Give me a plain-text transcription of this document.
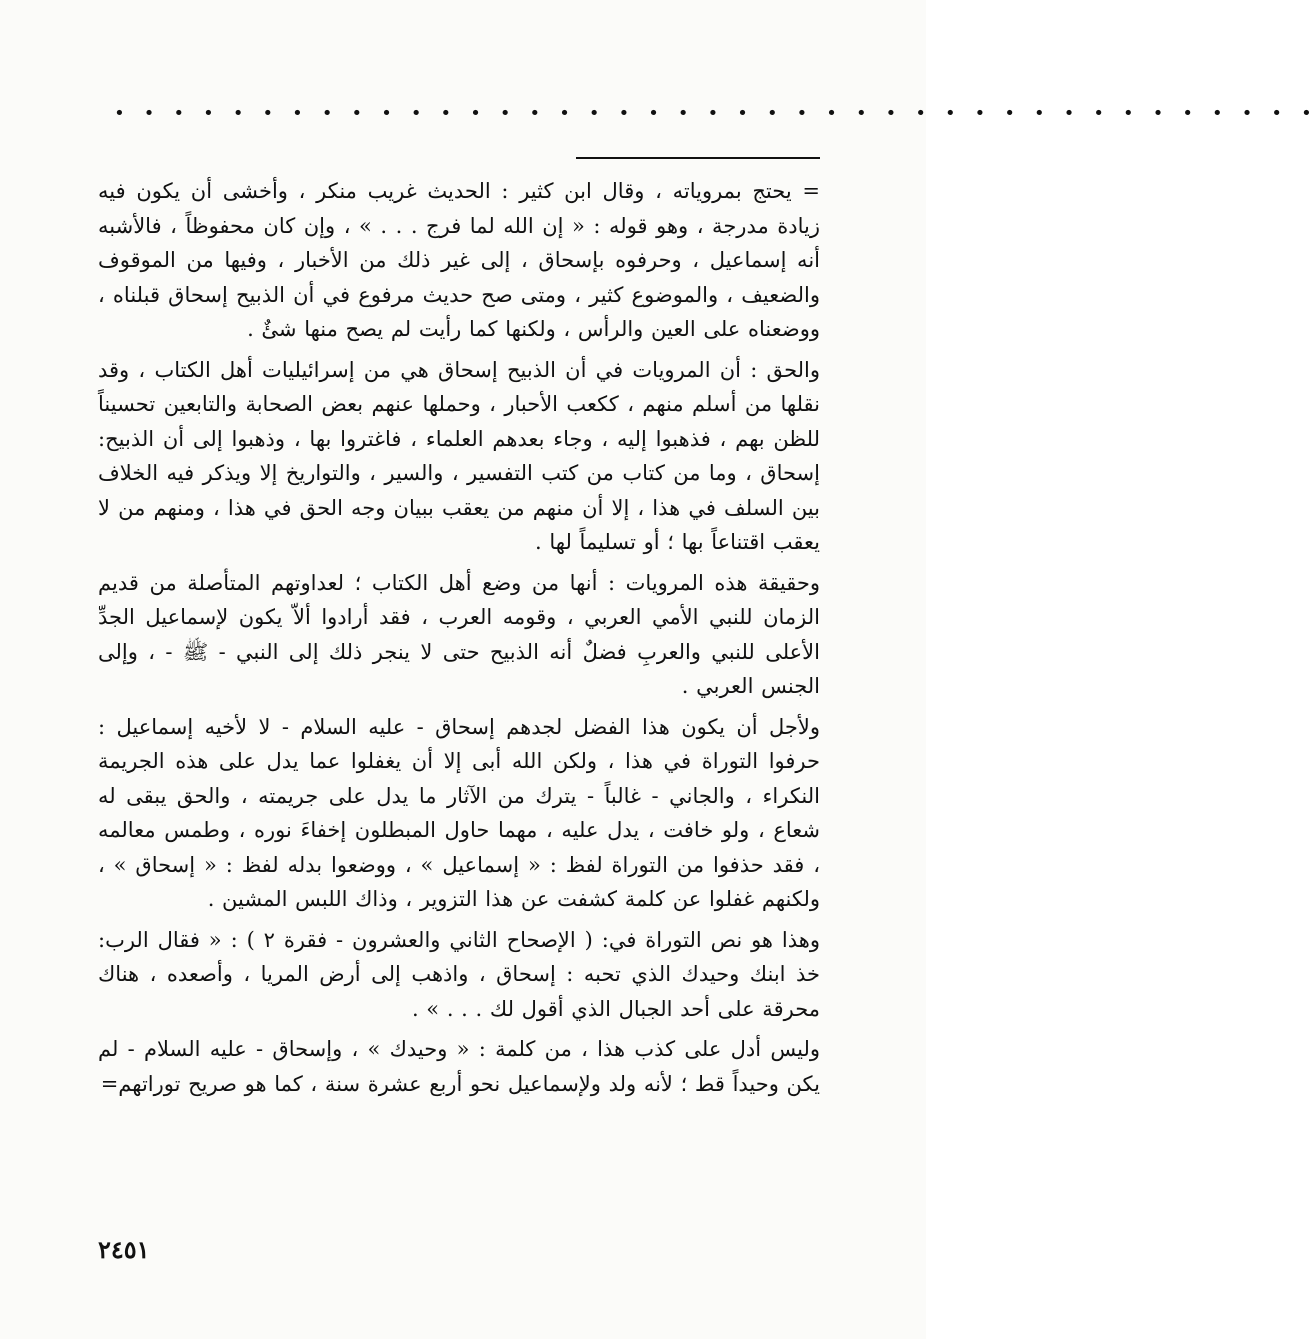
• • • • • • • • • • • • • • • • • • • • • • • • • • • • • • • • • • • • • • • • •

= يحتج بمروياته ، وقال ابن كثير : الحديث غريب منكر ، وأخشى أن يكون فيه زيادة مدرجة ، وهو قوله : « إن الله لما فرج . . . » ، وإن كان محفوظاً ، فالأشبه أنه إسماعيل ، وحرفوه بإسحاق ، إلى غير ذلك من الأخبار ، وفيها من الموقوف والضعيف ، والموضوع كثير ، ومتى صح حديث مرفوع في أن الذبيح إسحاق قبلناه ، ووضعناه على العين والرأس ، ولكنها كما رأيت لم يصح منها شئٌ .

والحق : أن المرويات في أن الذبيح إسحاق هي من إسرائيليات أهل الكتاب ، وقد نقلها من أسلم منهم ، ككعب الأحبار ، وحملها عنهم بعض الصحابة والتابعين تحسيناً للظن بهم ، فذهبوا إليه ، وجاء بعدهم العلماء ، فاغتروا بها ، وذهبوا إلى أن الذبيح: إسحاق ، وما من كتاب من كتب التفسير ، والسير ، والتواريخ إلا ويذكر فيه الخلاف بين السلف في هذا ، إلا أن منهم من يعقب ببيان وجه الحق في هذا ، ومنهم من لا يعقب اقتناعاً بها ؛ أو تسليماً لها .

وحقيقة هذه المرويات : أنها من وضع أهل الكتاب ؛ لعداوتهم المتأصلة من قديم الزمان للنبي الأمي العربي ، وقومه العرب ، فقد أرادوا ألاّ يكون لإسماعيل الجدِّ الأعلى للنبي والعربِ فضلٌ أنه الذبيح حتى لا ينجر ذلك إلى النبي - ﷺ - ، وإلى الجنس العربي .

ولأجل أن يكون هذا الفضل لجدهم إسحاق - عليه السلام - لا لأخيه إسماعيل : حرفوا التوراة في هذا ، ولكن الله أبى إلا أن يغفلوا عما يدل على هذه الجريمة النكراء ، والجاني - غالباً - يترك من الآثار ما يدل على جريمته ، والحق يبقى له شعاع ، ولو خافت ، يدل عليه ، مهما حاول المبطلون إخفاءَ نوره ، وطمس معالمه ، فقد حذفوا من التوراة لفظ : « إسماعيل » ، ووضعوا بدله لفظ : « إسحاق » ، ولكنهم غفلوا عن كلمة كشفت عن هذا التزوير ، وذاك اللبس المشين .

وهذا هو نص التوراة في: ( الإصحاح الثاني والعشرون - فقرة ٢ ) : « فقال الرب: خذ ابنك وحيدك الذي تحبه : إسحاق ، واذهب إلى أرض المريا ، وأصعده ، هناك محرقة على أحد الجبال الذي أقول لك . . . » .

وليس أدل على كذب هذا ، من كلمة : « وحيدك » ، وإسحاق - عليه السلام - لم يكن وحيداً قط ؛ لأنه ولد ولإسماعيل نحو أربع عشرة سنة ، كما هو صريح توراتهم=

٢٤٥١
